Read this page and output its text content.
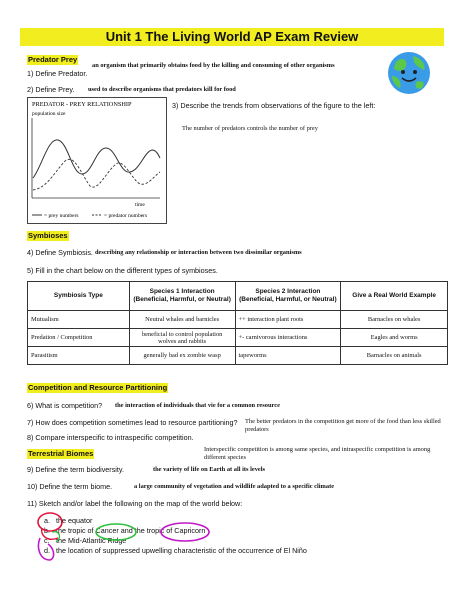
Unit 1 The Living World AP Exam Review
Predator Prey
an organism that primarily obtains food by the killing and consuming of other organisms
1) Define Predator.
2) Define Prey. used to describe organisms that predators kill for food
PREDATOR - PREY RELATIONSHIP
population size
time
= prey numbers	= predator numbers
3) Describe the trends from observations of the figure to the left:
The number of predators controls the number of prey
Symbioses
4) Define Symbiosis. describing any relationship or interaction between two dissimilar organisms
5) Fill in the chart below on the different types of symbioses.
Symbiosis Type	Species 1 Interaction (Beneficial, Harmful, or Neutral)	Species 2 Interaction (Beneficial, Harmful, or Neutral)	Give a Real World Example
Mutualism	Neutral whales and barnicles	++ interaction plant roots	Barnacles on whales
Predation / Competition	beneficial to control population wolves and rabbits	+- carnivorous interactions	Eagles and worms
Parasitism	generally bad ex zombie wasp	tapeworms	Barnacles on animals
Competition and Resource Partitioning
6) What is competition? the interaction of individuals that vie for a common resource
7) How does competition sometimes lead to resource partitioning? The better predators in the competition get more of the food than less skilled predators
8) Compare interspecific to intraspecific competition.
Interspecific competition is among same species, and intraspecific competition is among different species
Terrestrial Biomes
9) Define the term biodiversity.	the variety of life on Earth at all its levels
10) Define the term biome.	a large community of vegetation and wildlife adapted to a specific climate
11) Sketch and/or label the following on the map of the world below:
a. the equator
b. the tropic of Cancer and the tropic of Capricorn
c. the Mid-Atlantic Ridge
d. the location of suppressed upwelling characteristic of the occurrence of El Niño
